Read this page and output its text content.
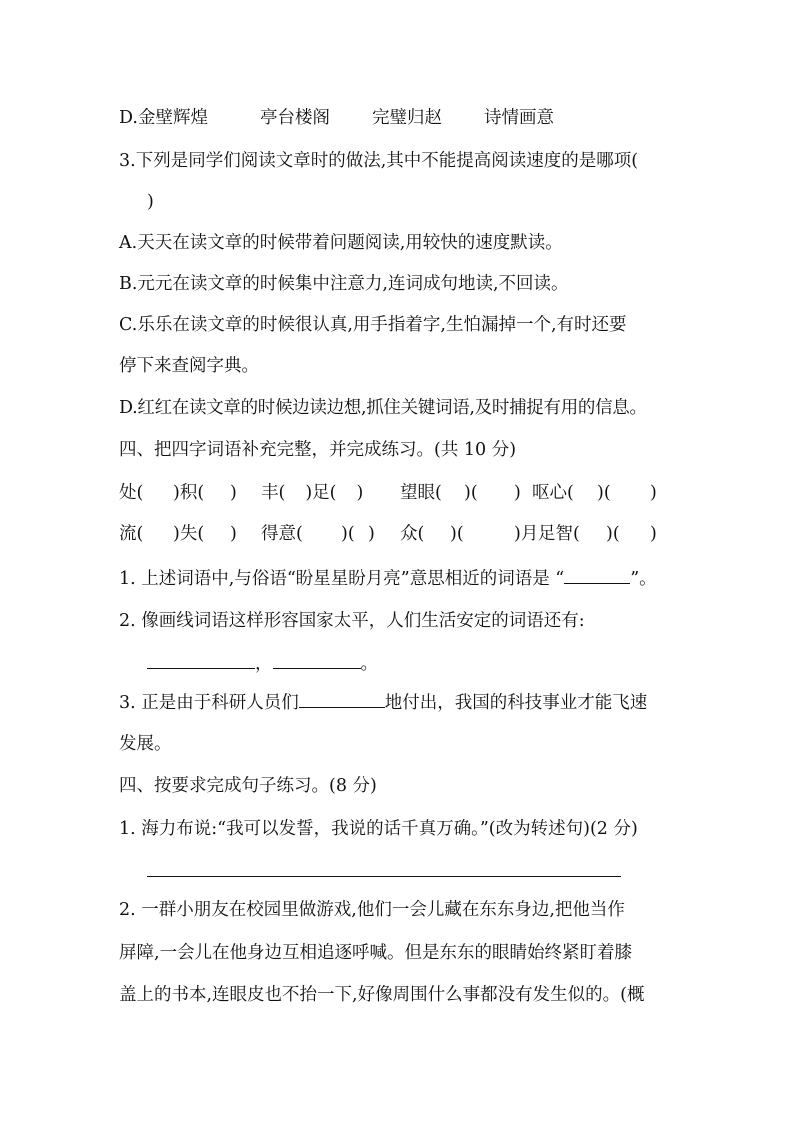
D.金壁辉煌	亭台楼阁 完璧归赵 诗情画意
3.下列是同学们阅读文章时的做法,其中不能提高阅读速度的是哪项(
)
A.天天在读文章的时候带着问题阅读,用较快的速度默读。
B.元元在读文章的时候集中注意力,连词成句地读,不回读。
C.乐乐在读文章的时候很认真,用手指着字,生怕漏掉一个,有时还要
停下来查阅字典。
D.红红在读文章的时候边读边想,抓住关键词语,及时捕捉有用的信息。
四、把四字词语补充完整，并完成练习。(共 10 分)
处( )积( ) 丰( )足( ) 望眼( )( ) 呕心( )( )
流( )失( ) 得意( )( ) 众( )(	)月 足智( )( )
1. 上述词语中,与俗语“盼星星盼月亮”意思相近的词语是 “	”。
2. 像画线词语这样形容国家太平，人们生活安定的词语还有:
，	。
3. 正是由于科研人员们	地付出，我国的科技事业才能飞速
发展。
四、按要求完成句子练习。(8 分)
1. 海力布说:“我可以发誓，我说的话千真万确。”(改为转述句)(2 分)
2. 一群小朋友在校园里做游戏,他们一会儿藏在东东身边,把他当作
屏障,一会儿在他身边互相追逐呼喊。但是东东的眼睛始终紧盯着膝
盖上的书本,连眼皮也不抬一下,好像周围什么事都没有发生似的。(概
